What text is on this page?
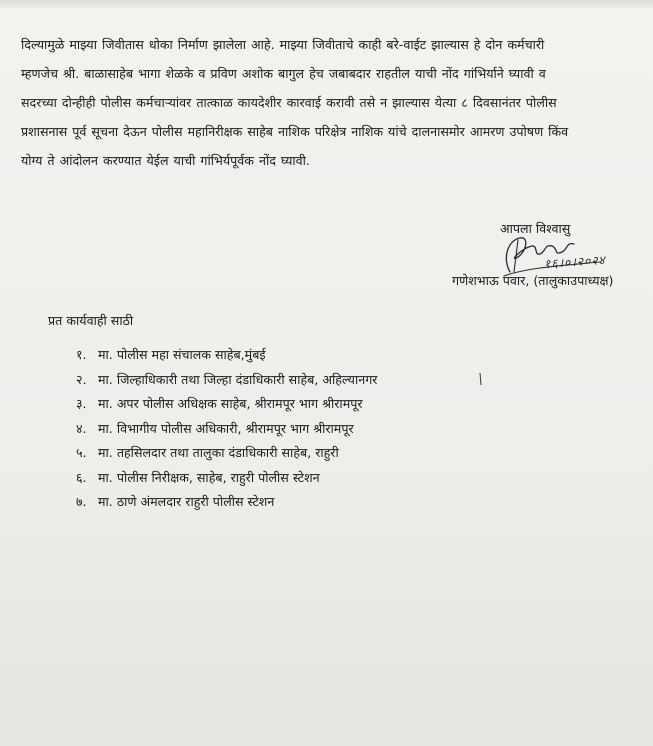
दिल्यामुळे माझ्या जिवीतास धोका निर्माण झालेला आहे. माझ्या जिवीताचे काही बरे-वाईट झाल्यास हे दोन कर्मचारी
म्हणजेच श्री. बाळासाहेब भागा शेळके व प्रविण अशोक बागुल हेच जबाबदार राहतील याची नोंद गांभिर्याने घ्यावी व
सदरच्या दोन्हीही पोलीस कर्मचाऱ्यांवर तात्काळ कायदेशीर कारवाई करावी तसे न झाल्यास येत्या ८ दिवसानंतर पोलीस
प्रशासनास पूर्व सूचना देऊन पोलीस महानिरीक्षक साहेब नाशिक परिक्षेत्र नाशिक यांचे दालनासमोर आमरण उपोषण किंव
योग्य ते आंदोलन करण्यात येईल याची गांभिर्यपूर्वक नोंद घ्यावी.

आपला विश्वासु
१६।०।२०२४
गणेशभाऊ पवार, (तालुकाउपाध्यक्ष)

प्रत कार्यवाही साठी

१. मा. पोलीस महा संचालक साहेब,मुंबई
२. मा. जिल्हाधिकारी तथा जिल्हा दंडाधिकारी साहेब, अहिल्यानगर
३. मा. अपर पोलीस अधिक्षक साहेब, श्रीरामपूर भाग श्रीरामपूर
४. मा. विभागीय पोलीस अधिकारी, श्रीरामपूर भाग श्रीरामपूर
५. मा. तहसिलदार तथा तालुका दंडाधिकारी साहेब, राहुरी
६. मा. पोलीस निरीक्षक, साहेब, राहुरी पोलीस स्टेशन
७. मा. ठाणे अंमलदार राहुरी पोलीस स्टेशन
